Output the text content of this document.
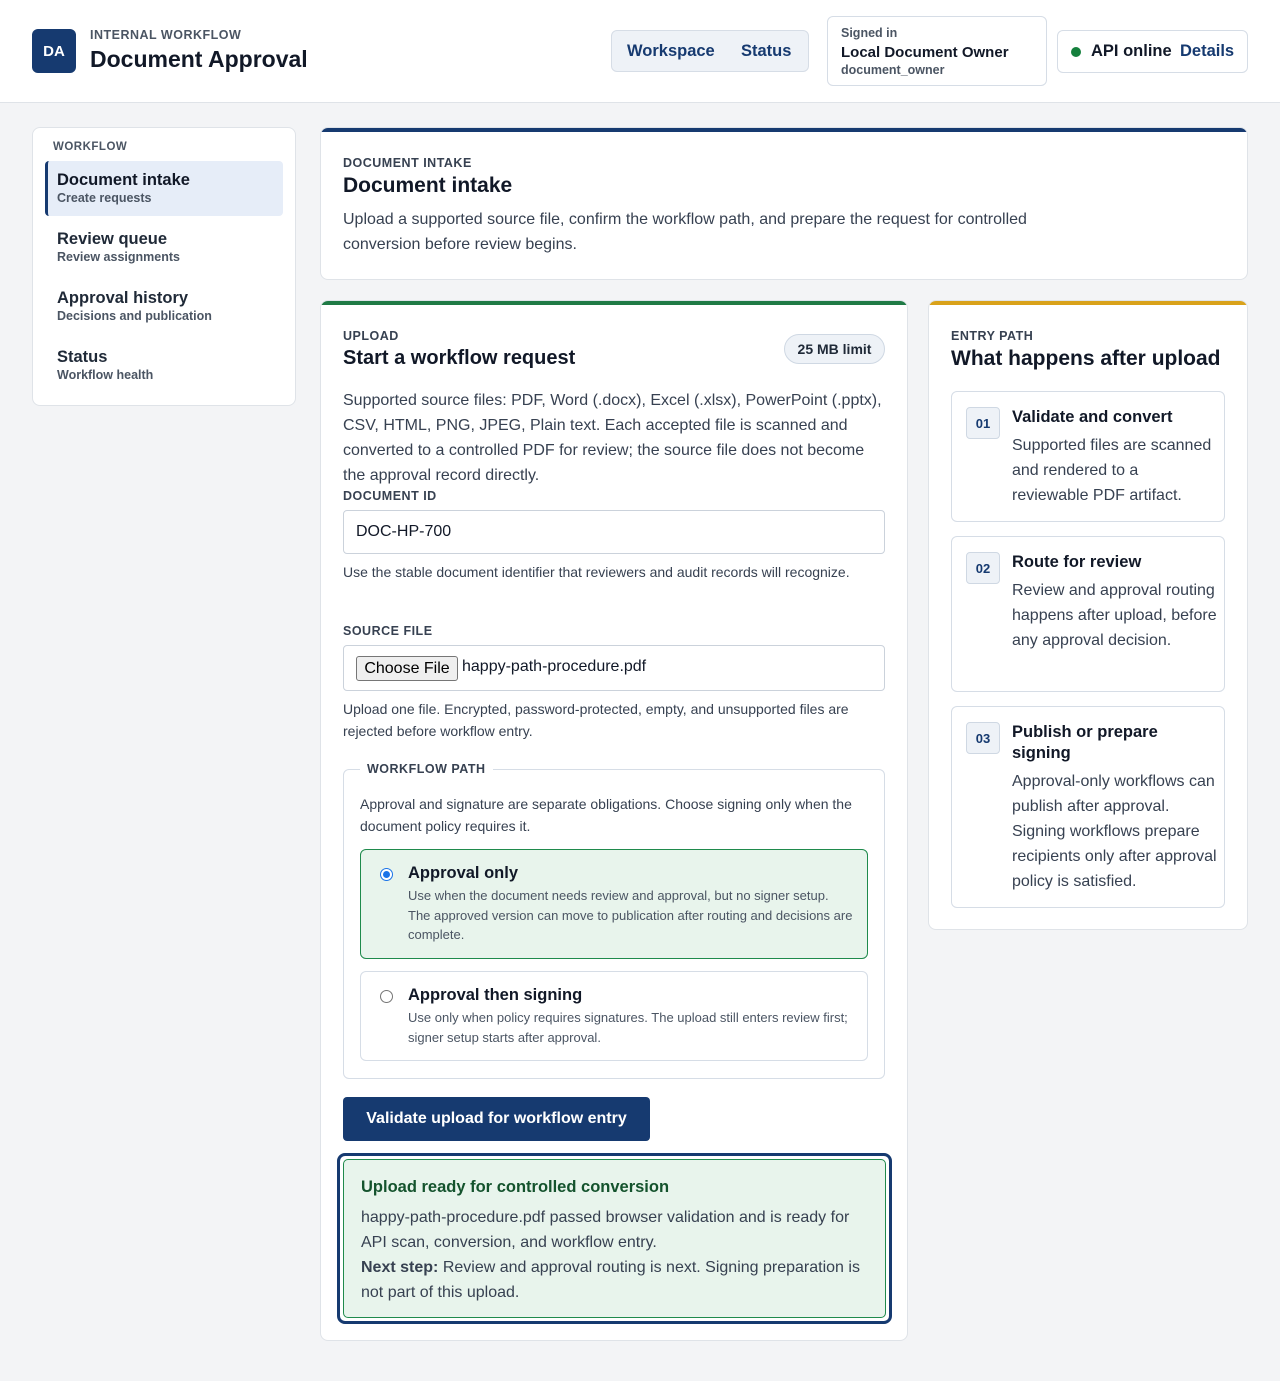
DA
INTERNAL WORKFLOW
Document Approval	Workspace Status
Signed in
Local Document Owner
document_owner
API online Details
WORKFLOW
Document intake
Create requests
Review queue
Review assignments
Approval history
Decisions and publication
Status
Workflow health
DOCUMENT INTAKE
Document intake
Upload a supported source file, confirm the workflow path, and prepare the request for controlled conversion before review begins.
UPLOAD
Start a workflow request	25 MB limit
Supported source files: PDF, Word (.docx), Excel (.xlsx), PowerPoint (.pptx), CSV, HTML, PNG, JPEG, Plain text. Each accepted file is scanned and converted to a controlled PDF for review; the source file does not become the approval record directly.
DOCUMENT ID
DOC-HP-700
Use the stable document identifier that reviewers and audit records will recognize.
SOURCE FILE
Choose File happy-path-procedure.pdf
Upload one file. Encrypted, password-protected, empty, and unsupported files are rejected before workflow entry.
WORKFLOW PATH
Approval and signature are separate obligations. Choose signing only when the document policy requires it.
Approval only
Use when the document needs review and approval, but no signer setup. The approved version can move to publication after routing and decisions are complete.
Approval then signing
Use only when policy requires signatures. The upload still enters review first; signer setup starts after approval.
Validate upload for workflow entry
Upload ready for controlled conversion
happy-path-procedure.pdf passed browser validation and is ready for API scan, conversion, and workflow entry.
Next step: Review and approval routing is next. Signing preparation is not part of this upload.
ENTRY PATH
What happens after upload
01	Validate and convert
Supported files are scanned and rendered to a reviewable PDF artifact.
02	Route for review
Review and approval routing happens after upload, before any approval decision.
03	Publish or prepare signing
Approval-only workflows can publish after approval. Signing workflows prepare recipients only after approval policy is satisfied.
